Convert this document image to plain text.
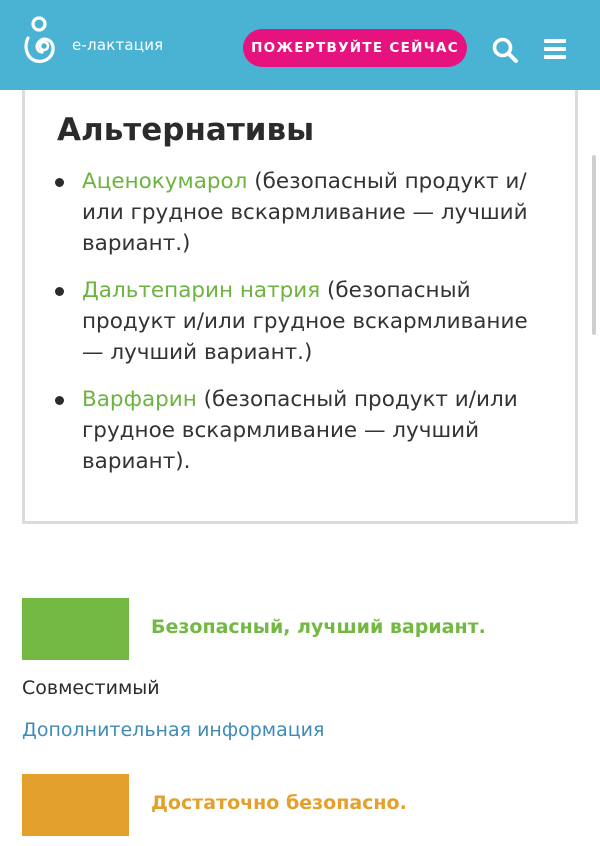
e-лактация	ПОЖЕРТВУЙТЕ СЕЙЧАС
Альтернативы
Аценокумарол (безопасный продукт и/или грудное вскармливание — лучший вариант.)
Дальтепарин натрия (безопасный продукт и/или грудное вскармливание — лучший вариант.)
Варфарин (безопасный продукт и/или грудное вскармливание — лучший вариант).
Безопасный, лучший вариант.
Совместимый
Дополнительная информация
Достаточно безопасно.
